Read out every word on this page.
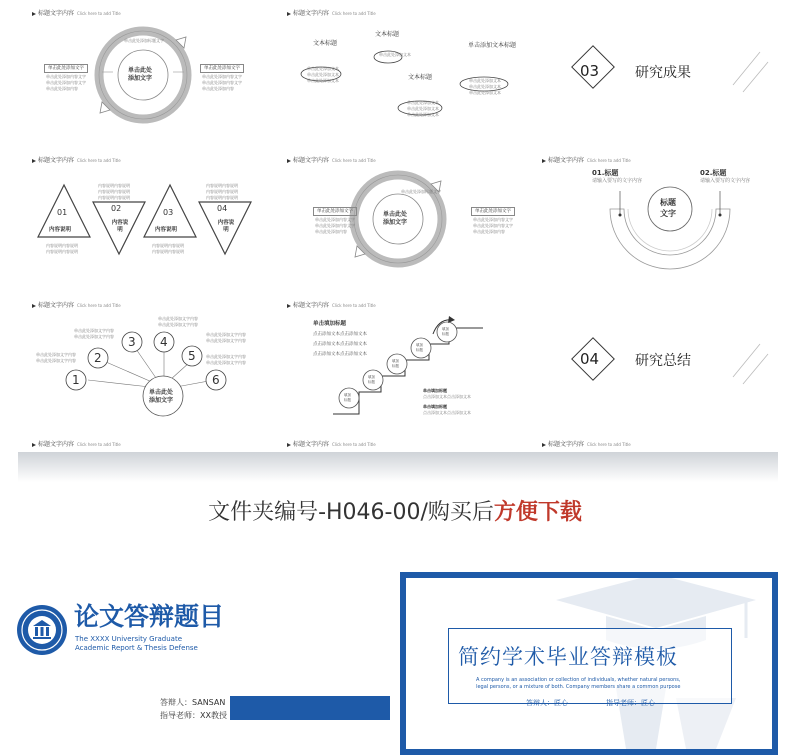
标题文字内容 Click here to add Title
单击此处
添加文字
单击此处添加标题文字
单击此处添加文字
单击此处添加内容文字
单击此处添加内容文字
单击此处添加内容
单击此处添加文字
单击此处添加内容文字
单击此处添加内容文字
单击此处添加内容
标题文字内容 Click here to add Title
文本标题
文本标题
文本标题
单击添加文本标题
单击此处添加文本
单击此处添加文本
单击此处添加文本
单击此处添加文本
单击此处添加文本
单击此处添加文本
单击此处添加文本
单击此处添加文本
单击此处添加文本
单击此处添加文本
03	研究成果
标题文字内容 Click here to add Title
01
内容说明
02
内容说明
03
内容说明
04
内容说明
内容说明内容说明
内容说明内容说明
内容说明内容说明
内容说明内容说明
内容说明内容说明
内容说明内容说明
内容说明内容说明
内容说明内容说明
内容说明内容说明
内容说明内容说明
标题文字内容 Click here to add Title
单击此处
添加文字
单击此处添加标题文字
单击此处添加文字
单击此处添加内容文字
单击此处添加内容文字
单击此处添加内容
单击此处添加文字
单击此处添加内容文字
单击此处添加内容文字
单击此处添加内容
标题文字内容 Click here to add Title
01.标题
请输入要写的文字内容
02.标题
请输入要写的文字内容
标题
文字
标题文字内容 Click here to add Title
单击此处
添加文字
1
2
3 4
5
6
单击此处添加文字内容
单击此处添加文字内容
单击此处添加文字内容
单击此处添加文字内容
单击此处添加文字内容
单击此处添加文字内容
单击此处添加文字内容
单击此处添加文字内容
单击此处添加文字内容
单击此处添加文字内容
标题文字内容 Click here to add Title
单击填加标题
点击添加文本点击添加文本
点击添加文本点击添加文本
点击添加文本点击添加文本
填加
标题
填加
标题
填加
标题
填加
标题
填加
标题
单击填加标题
点击添加文本点击添加文本
单击填加标题
点击添加文本点击添加文本
04	研究总结
标题文字内容 Click here to add Title	标题文字内容 Click here to add Title	标题文字内容 Click here to add Title
文件夹编号-H046-00/购买后方便下载
论文答辩题目
The XXXX University Graduate
Academic Report & Thesis Defense
答辩人：SANSAN
指导老师：XX教授
简约学术毕业答辩模板
A company is an association or collection of individuals, whether natural persons,
legal persons, or a mixture of both. Company members share a common purpose
答辩人：匠心	指导老师：匠心
